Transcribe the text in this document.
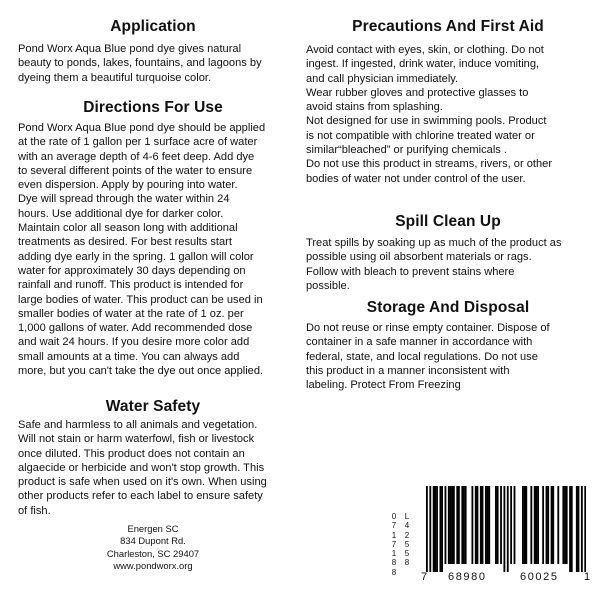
Application

Pond Worx Aqua Blue pond dye gives natural
beauty to ponds, lakes, fountains, and lagoons by
dyeing them a beautiful turquoise color.

Directions For Use

Pond Worx Aqua Blue pond dye should be applied
at the rate of 1 gallon per 1 surface acre of water
with an average depth of 4-6 feet deep. Add dye
to several different points of the water to ensure
even dispersion. Apply by pouring into water.
Dye will spread through the water within 24
hours. Use additional dye for darker color.
Maintain color all season long with additional
treatments as desired. For best results start
adding dye early in the spring. 1 gallon will color
water for approximately 30 days depending on
rainfall and runoff. This product is intended for
large bodies of water. This product can be used in
smaller bodies of water at the rate of 1 oz. per
1,000 gallons of water. Add recommended dose
and wait 24 hours. If you desire more color add
small amounts at a time. You can always add
more, but you can't take the dye out once applied.

Water Safety

Safe and harmless to all animals and vegetation.
Will not stain or harm waterfowl, fish or livestock
once diluted. This product does not contain an
algaecide or herbicide and won't stop growth. This
product is safe when used on it's own. When using
other products refer to each label to ensure safety
of fish.

Energen SC
834 Dupont Rd.
Charleston, SC 29407
www.pondworx.org
Precautions And First Aid

Avoid contact with eyes, skin, or clothing. Do not
ingest. If ingested, drink water, induce vomiting,
and call physician immediately.
Wear rubber gloves and protective glasses to
avoid stains from splashing.
Not designed for use in swimming pools. Product
is not compatible with chlorine treated water or
similar“bleached” or purifying chemicals .
Do not use this product in streams, rivers, or other
bodies of water not under control of the user.

Spill Clean Up

Treat spills by soaking up as much of the product as
possible using oil absorbent materials or rags.
Follow with bleach to prevent stains where
possible.

Storage And Disposal

Do not reuse or rinse empty container. Dispose of
container in a safe manner in accordance with
federal, state, and local regulations. Do not use
this product in a manner inconsistent with
labeling. Protect From Freezing

0
7
1
7
1
8
8
L
4
2
5
5
8
7 68980	60025 1
